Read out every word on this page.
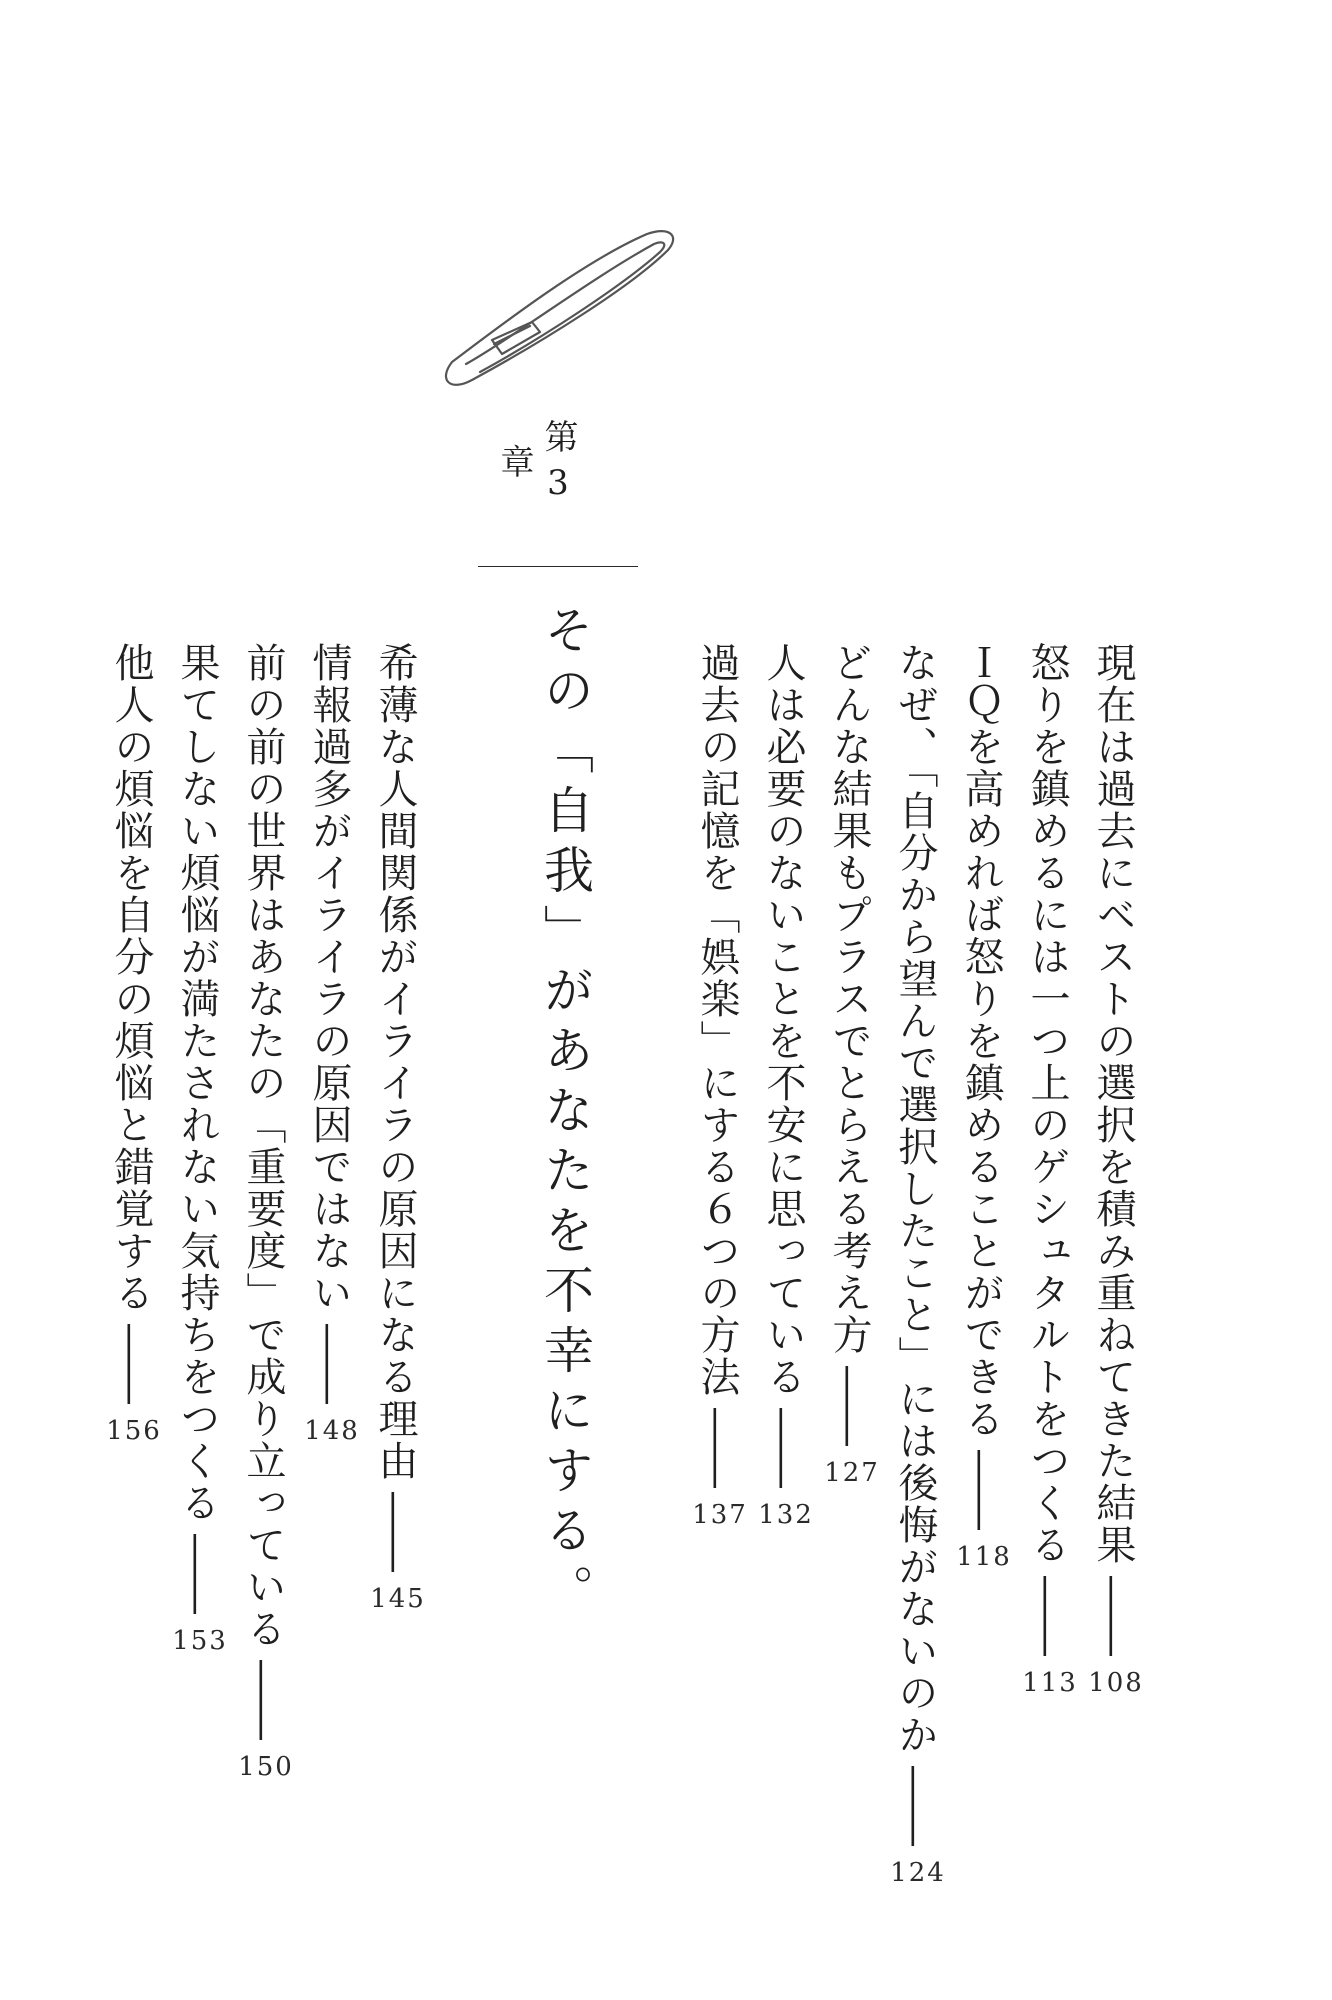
第3章
その「自我」があなたを不幸にする。	現在は過去にベストの選択を積み重ねてきた結果――108
怒りを鎮めるには一つ上のゲシュタルトをつくる――113
ＩＱを高めれば怒りを鎮めることができる――118
なぜ、「自分から望んで選択したこと」には後悔がないのか――124
どんな結果もプラスでとらえる考え方――127
人は必要のないことを不安に思っている――132
過去の記憶を「娯楽」にする６つの方法――137
希薄な人間関係がイライラの原因になる理由――145
情報過多がイライラの原因ではない――148
前の前の世界はあなたの「重要度」で成り立っている――150
果てしない煩悩が満たされない気持ちをつくる――153
他人の煩悩を自分の煩悩と錯覚する――156
